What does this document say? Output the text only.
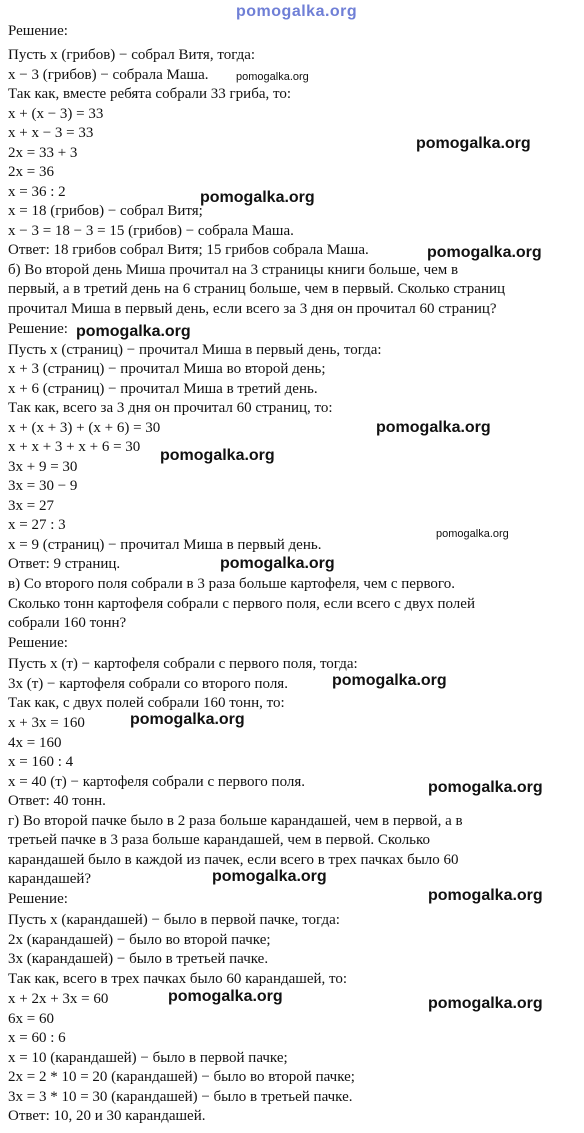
pomogalka.org

Решение:

Пусть х (грибов) − собрал Витя, тогда:

х − 3 (грибов) − собрала Маша.

Так как, вместе ребята собрали 33 гриба, то:

х + (х − 3) = 33

х + х − 3 = 33

2х = 33 + 3

2х = 36

х = 36 : 2

х = 18 (грибов) − собрал Витя;

х − 3 = 18 − 3 = 15 (грибов) − собрала Маша.

Ответ: 18 грибов собрал Витя; 15 грибов собрала Маша.

б) Во второй день Миша прочитал на 3 страницы книги больше, чем в

первый, а в третий день на 6 страниц больше, чем в первый. Сколько страниц

прочитал Миша в первый день, если всего за 3 дня он прочитал 60 страниц?

Решение:

Пусть х (страниц) − прочитал Миша в первый день, тогда:

х + 3 (страниц) − прочитал Миша во второй день;

х + 6 (страниц) − прочитал Миша в третий день.

Так как, всего за 3 дня он прочитал 60 страниц, то:

х + (х + 3) + (х + 6) = 30

х + х + 3 + х + 6 = 30

3х + 9 = 30

3х = 30 − 9

3х = 27

х = 27 : 3

х = 9 (страниц) − прочитал Миша в первый день.

Ответ: 9 страниц.

в) Со второго поля собрали в 3 раза больше картофеля, чем с первого.

Сколько тонн картофеля собрали с первого поля, если всего с двух полей

собрали 160 тонн?

Решение:

Пусть х (т) − картофеля собрали с первого поля, тогда:

3х (т) − картофеля собрали со второго поля.

Так как, с двух полей собрали 160 тонн, то:

х + 3х = 160

4х = 160

х = 160 : 4

х = 40 (т) − картофеля собрали с первого поля.

Ответ: 40 тонн.

г) Во второй пачке было в 2 раза больше карандашей, чем в первой, а в

третьей пачке в 3 раза больше карандашей, чем в первой. Сколько

карандашей было в каждой из пачек, если всего в трех пачках было 60

карандашей?

Решение:

Пусть х (карандашей) − было в первой пачке, тогда:

2х (карандашей) − было во второй пачке;

3х (карандашей) − было в третьей пачке.

Так как, всего в трех пачках было 60 карандашей, то:

х + 2х + 3х = 60

6х = 60

х = 60 : 6

х = 10 (карандашей) − было в первой пачке;

2х = 2 * 10 = 20 (карандашей) − было во второй пачке;

3х = 3 * 10 = 30 (карандашей) − было в третьей пачке.

Ответ: 10, 20 и 30 карандашей.

pomogalka.org
pomogalka.org
pomogalka.org
pomogalka.org
pomogalka.org
pomogalka.org
pomogalka.org
pomogalka.org
pomogalka.org
pomogalka.org
pomogalka.org
pomogalka.org
pomogalka.org
pomogalka.org
pomogalka.org	pomogalka.org
